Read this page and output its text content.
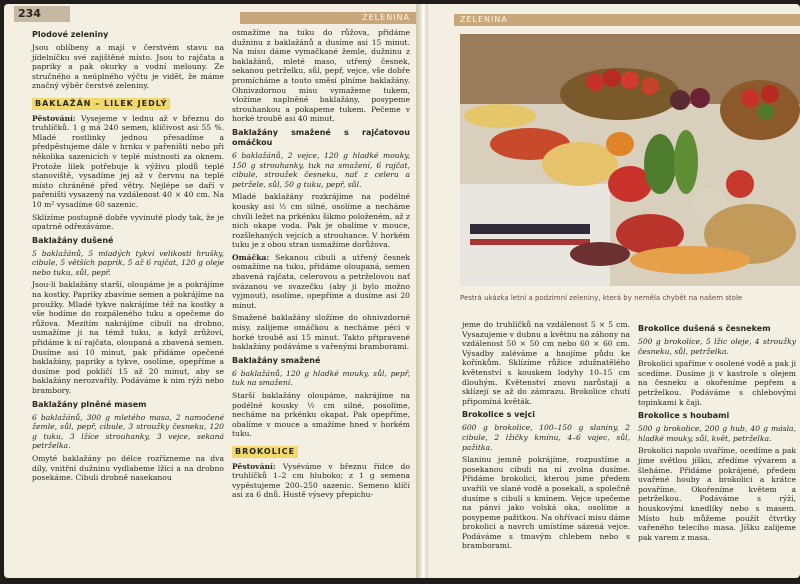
234	ZELENINA
Plodové zeleniny

Jsou oblíbeny a mají v čerstvém stavu na jídelníčku své zajištěné místo. Jsou to rajčata a papriky a pak okurky a vodní melouny. Ze stručného a neúplného výčtu je vidět, že máme značný výběr čerstvé zeleniny.

BAKLAŽÁN – LILEK JEDLÝ

Pěstování: Vysejeme v lednu až v březnu do truhlíčků. 1 g má 240 semen, klíčivost asi 55 %. Mladé rostlinky jednou přesadíme a předpěstujeme dále v hrnku v pařeništi nebo při několika sazenicích v teplé místnosti za oknem. Protože lilek potřebuje k výživu plodů teplé stanoviště, vysadíme jej až v červnu na teplé místo chráněné před větry. Nejlépe se daří v pařeništi vysazený na vzdálenost 40 × 40 cm. Na 10 m² vysadíme 60 sazenic.

Sklízíme postupně dobře vyvinuté plody tak, že je opatrně odřezáváme.

Baklažány dušené

5 baklažánů, 5 mladých tykví velikosti hrušky, cibule, 5 větších paprik, 5 až 6 rajčat, 120 g oleje nebo tuku, sůl, pepř.

Jsou-li baklažány starší, oloupáme je a pokrájíme na kostky. Papriky zbavíme semen a pokrájíme na proužky. Mladé tykve nakrájíme též na kostky a vše hodíme do rozpáleného tuku a opečeme do růžova. Mezitím nakrájíme cibuli na drobno, usmažíme ji na témž tuku, a když zrůžoví, přidáme k ní rajčata, oloupaná a zbavená semen. Dusíme asi 10 minut, pak přidáme opečené baklažány, papriky a tykve, osolíme, opepříme a dusíme pod pokličí 15 až 20 minut, aby se baklažány nerozvařily. Podáváme k nim rýži nebo brambory.

Baklažány plněné masem

6 baklažánů, 300 g mletého masa, 2 namočené žemle, sůl, pepř, cibule, 3 stroužky česneku, 120 g tuku, 3 lžíce strouhanky, 3 vejce, sekaná petrželka.

Omyté baklažány po délce rozřízneme na dva díly, vnitřní dužninu vydlabeme lžící a na drobno posekáme. Cibuli drobně nasekanou

osmažíme na tuku do růžova, přidáme dužninu z baklažánů a dusíme asi 15 minut. Na misu dáme vymačkané žemle, dužninu z baklažánů, mleté maso, utřený česnek, sekanou petrželku, sůl, pepř, vejce, vše dobře promícháme a touto směsí plníme baklažány. Ohnivzdornou misu vymažeme tukem, vložíme naplněné baklažány, posypeme strouhankou a pokapeme tukem. Pečeme v horké troubě asi 40 minut.

Baklažány smažené s rajčatovou omáčkou

6 baklažánů, 2 vejce, 120 g hladké mouky, 150 g strouhanky, tuk na smažení, 6 rajčat, cibule, stroužek česneku, nať z celeru a petržele, sůl, 50 g tuku, pepř, sůl.

Mladé baklažány rozkrájíme na podélné kousky asi ½ cm silné, osolíme a necháme chvíli ležet na prkénku šikmo položeném, až z nich okape voda. Pak je obalíme v mouce, rozšlehaných vejcích a strouhance. V horkém tuku je z obou stran usmažíme dorůžova.

Omáčka: Sekanou cibuli a utřený česnek osmažíme na tuku, přidáme oloupaná, semen zbavená rajčata, celerovou a petrželovou nať svázanou ve svazečku (aby ji bylo možno vyjmout), osolíme, opepříme a dusíme asi 20 minut.

Smažené baklažány složíme do ohnivzdorné misy, zalijeme omáčkou a necháme péci v horké troubě asi 15 minut. Takto připravené baklažány podáváme s vařenými bramborami.

Baklažány smažené

6 baklažánů, 120 g hladké mouky, sůl, pepř, tuk na smažení.

Starší baklažány oloupáme, nakrájíme na podélné kousky ½ cm silné, posolíme, necháme na prkénku okapat. Pak opepříme, obalíme v mouce a smažíme hned v horkém tuku.

BROKOLICE

Pěstování: Vyséváme v březnu řídce do truhlíčků 1–2 cm hluboko; z 1 g semena vypěstujeme 200–250 sazenic. Semeno klíčí asi za 6 dnů. Hustě výsevy přepichu-

ZELENINA
Pestrá ukázka letní a podzimní zeleniny, která by neměla chybět na našem stole

jeme do truhlíčků na vzdálenost 5 × 5 cm. Vysazujeme v dubnu a květnu na záhony na vzdálenost 50 × 50 cm nebo 60 × 60 cm. Výsadby zaléváme a hnojíme půdu ke kořínkům. Sklízíme růžice zdužnatělého květenství s kouskem lodyhy 10–15 cm dlouhým. Květenství znovu narůstají a sklízejí se až do zámrazu. Brokolice chutí připomíná květák.

Brokolice s vejci

600 g brokolice, 100–150 g slaniny, 2 cibule, 2 lžičky kmínu, 4–6 vajec, sůl, pažitka.

Slaninu jemně pokrájíme, rozpustíme a posekanou cibuli na ní zvolna dusíme. Přidáme brokolici, kterou jsme předem uvařili ve slané vodě a posekali, a společně dusíme s cibulí s kmínem. Vejce upečeme na pánvi jako volská oka, osolíme a posypeme pažitkou. Na ohřívací misu dáme brokolici a navrch umístíme sázená vejce. Podáváme s tmavým chlebem nebo s bramborami.

Brokolice dušená s česnekem

500 g brokolice, 5 lžic oleje, 4 stroužky česneku, sůl, petrželka.

Brokolici spaříme v osolené vodě a pak ji scedíme. Dusíme ji v kastrole s olejem na česneku a okořeníme pepřem a petrželkou. Podáváme s chlebovými topinkami k čaji.

Brokolice s houbami

500 g brokolice, 200 g hub, 40 g másla, hladké mouky, sůl, květ, petrželka.

Brokolici napolo uvaříme, ocedíme a pak jime světlou jíšku, zředíme vývarem a šleháme. Přidáme pokrájené, předem uvařené houby a brokolici a krátce povaříme. Okořeníme květem a petrželkou. Podáváme s rýží, houskovými knedlíky nebo s masem. Místo hub můžeme použít čtvrtky vařeného telecího masa. Jíšku zalijeme pak varem z masa.
